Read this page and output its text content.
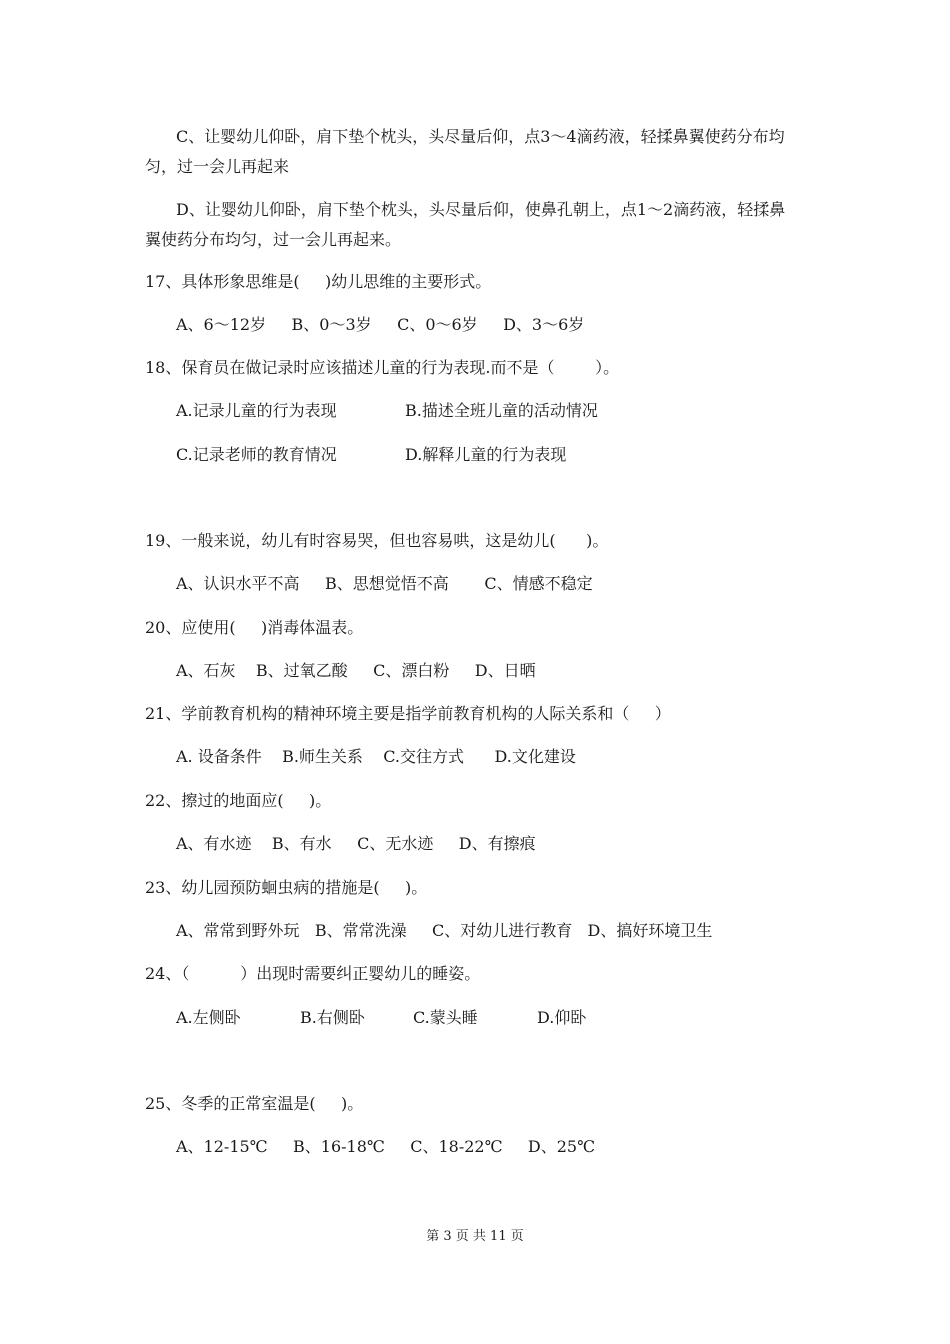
C、让婴幼儿仰卧，肩下垫个枕头，头尽量后仰，点3～4滴药液，轻揉鼻翼使药分布均
匀，过一会儿再起来
D、让婴幼儿仰卧，肩下垫个枕头，头尽量后仰，使鼻孔朝上，点1～2滴药液，轻揉鼻
翼使药分布均匀，过一会儿再起来。
17、具体形象思维是(     )幼儿思维的主要形式。
A、6～12岁     B、0～3岁     C、0～6岁     D、3～6岁
18、保育员在做记录时应该描述儿童的行为表现.而不是（        ）。
A.记录儿童的行为表现	B.描述全班儿童的活动情况
C.记录老师的教育情况	D.解释儿童的行为表现
19、一般来说，幼儿有时容易哭，但也容易哄，这是幼儿(      )。
A、认识水平不高     B、思想觉悟不高       C、情感不稳定
20、应使用(     )消毒体温表。
A、石灰    B、过氧乙酸     C、漂白粉     D、日晒
21、学前教育机构的精神环境主要是指学前教育机构的人际关系和（     ）
A. 设备条件    B.师生关系    C.交往方式      D.文化建设
22、擦过的地面应(     )。
A、有水迹    B、有水     C、无水迹     D、有擦痕
23、幼儿园预防蛔虫病的措施是(     )。
A、常常到野外玩   B、常常洗澡     C、对幼儿进行教育   D、搞好环境卫生
24、（          ）出现时需要纠正婴幼儿的睡姿。
A.左侧卧	B.右侧卧	C.蒙头睡	D.仰卧
25、冬季的正常室温是(     )。
A、12-15℃     B、16-18℃     C、18-22℃     D、25℃
第 3 页 共 11 页
